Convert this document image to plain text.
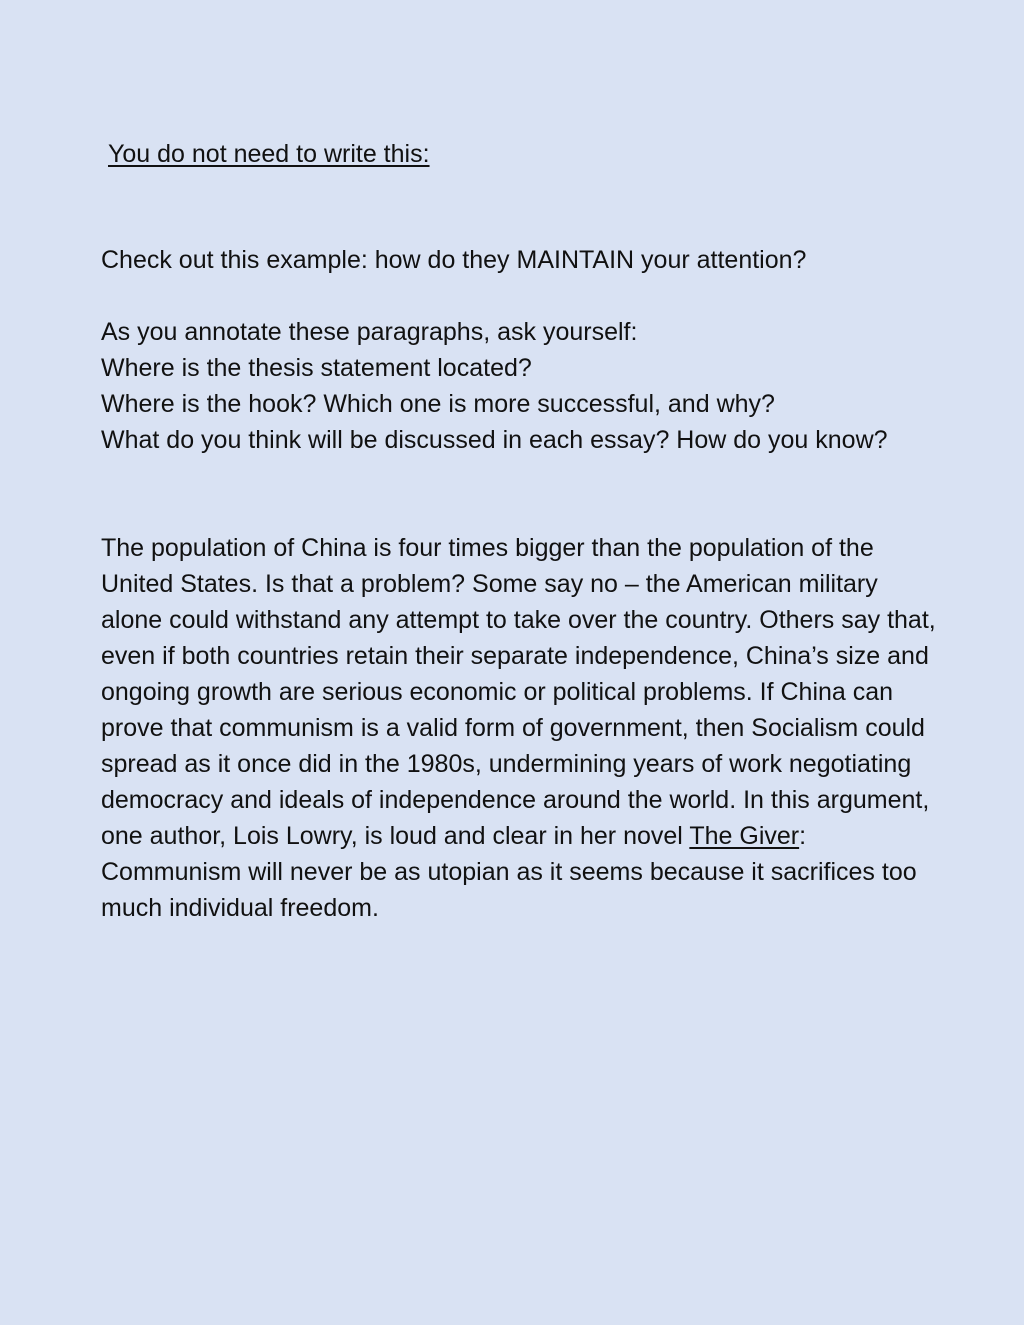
You do not need to write this:
Check out this example: how do they MAINTAIN your attention?
As you annotate these paragraphs, ask yourself:
Where is the thesis statement located?
Where is the hook? Which one is more successful, and why?
What do you think will be discussed in each essay? How do you know?

The population of China is four times bigger than the population of the United States. Is that a problem? Some say no – the American military alone could withstand any attempt to take over the country. Others say that, even if both countries retain their separate independence, China’s size and ongoing growth are serious economic or political problems. If China can prove that communism is a valid form of government, then Socialism could spread as it once did in the 1980s, undermining years of work negotiating democracy and ideals of independence around the world. In this argument, one author, Lois Lowry, is loud and clear in her novel The Giver: Communism will never be as utopian as it seems because it sacrifices too much individual freedom.
